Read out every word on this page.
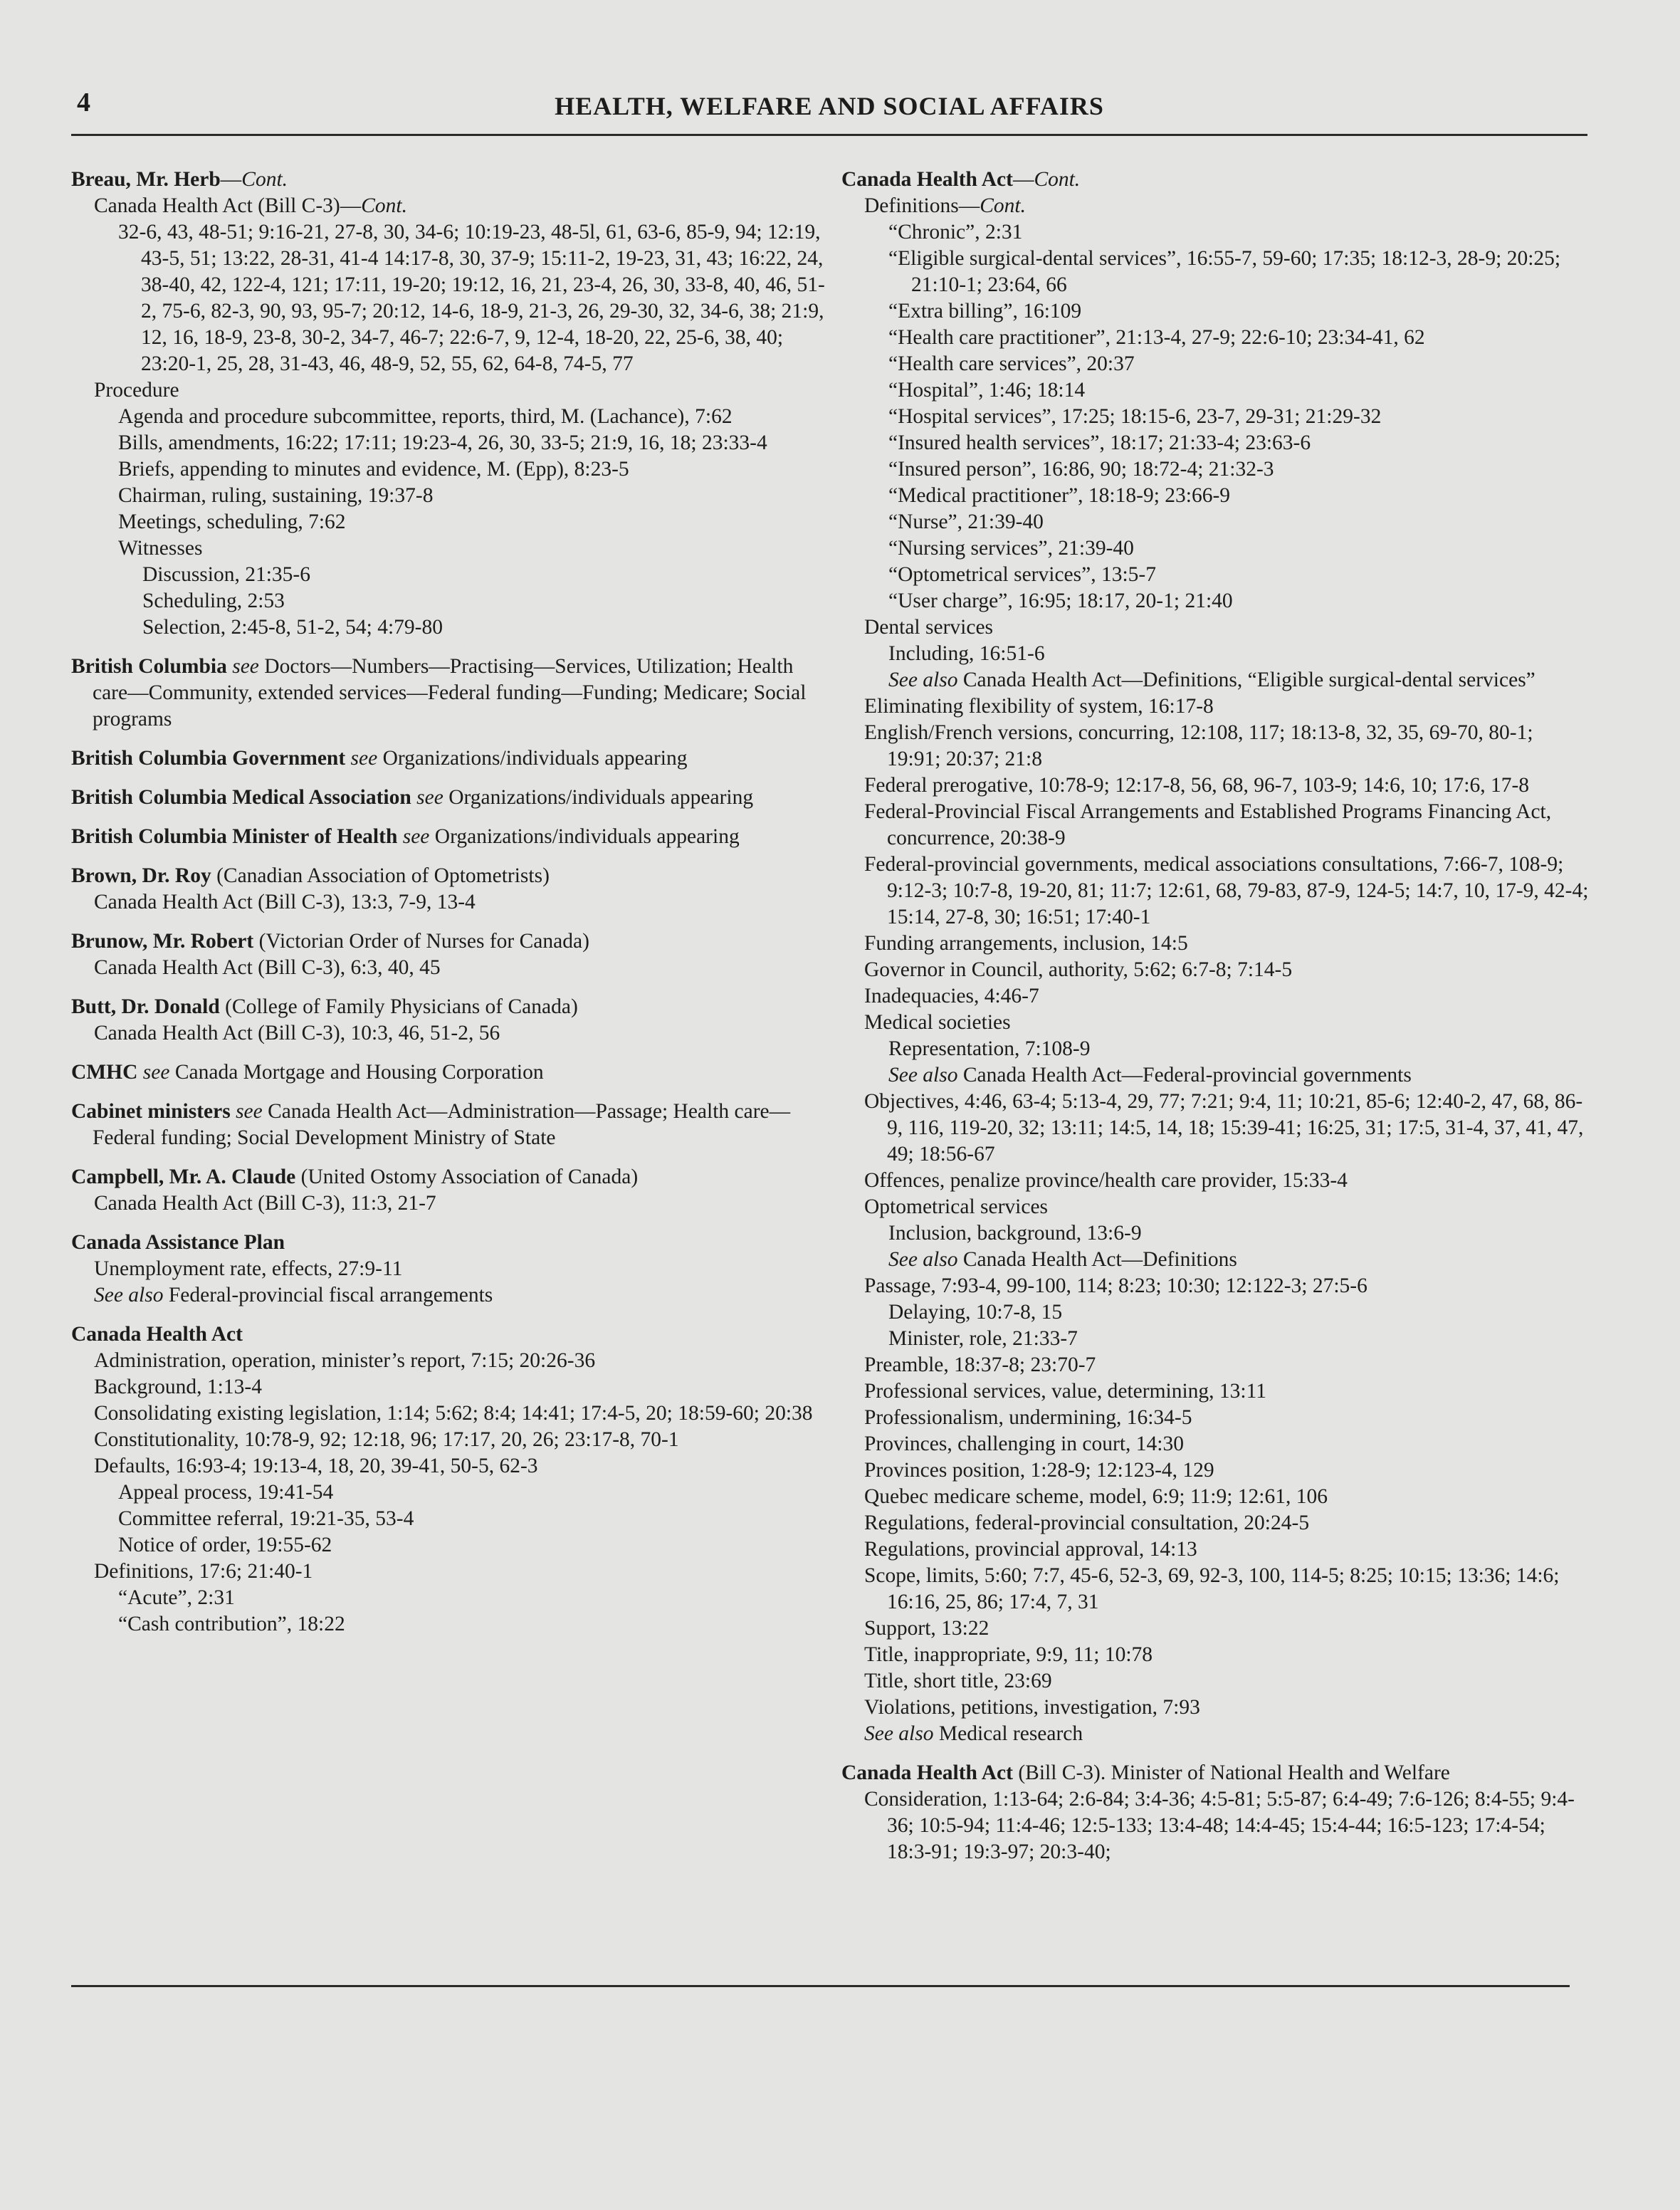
4	HEALTH, WELFARE AND SOCIAL AFFAIRS
Breau, Mr. Herb—Cont.
Canada Health Act (Bill C-3)—Cont.
32-6, 43, 48-51; 9:16-21, 27-8, 30, 34-6; 10:19-23, 48-5l, 61, 63-6, 85-9, 94; 12:19, 43-5, 51; 13:22, 28-31, 41-4 14:17-8, 30, 37-9; 15:11-2, 19-23, 31, 43; 16:22, 24, 38-40, 42, 122-4, 121; 17:11, 19-20; 19:12, 16, 21, 23-4, 26, 30, 33-8, 40, 46, 51-2, 75-6, 82-3, 90, 93, 95-7; 20:12, 14-6, 18-9, 21-3, 26, 29-30, 32, 34-6, 38; 21:9, 12, 16, 18-9, 23-8, 30-2, 34-7, 46-7; 22:6-7, 9, 12-4, 18-20, 22, 25-6, 38, 40; 23:20-1, 25, 28, 31-43, 46, 48-9, 52, 55, 62, 64-8, 74-5, 77
Procedure
Agenda and procedure subcommittee, reports, third, M. (Lachance), 7:62
Bills, amendments, 16:22; 17:11; 19:23-4, 26, 30, 33-5; 21:9, 16, 18; 23:33-4
Briefs, appending to minutes and evidence, M. (Epp), 8:23-5
Chairman, ruling, sustaining, 19:37-8
Meetings, scheduling, 7:62
Witnesses
Discussion, 21:35-6
Scheduling, 2:53
Selection, 2:45-8, 51-2, 54; 4:79-80
British Columbia see Doctors—Numbers—Practising—Services, Utilization; Health care—Community, extended services—Federal funding—Funding; Medicare; Social programs
British Columbia Government see Organizations/individuals appearing
British Columbia Medical Association see Organizations/individuals appearing
British Columbia Minister of Health see Organizations/individuals appearing
Brown, Dr. Roy (Canadian Association of Optometrists)
Canada Health Act (Bill C-3), 13:3, 7-9, 13-4
Brunow, Mr. Robert (Victorian Order of Nurses for Canada)
Canada Health Act (Bill C-3), 6:3, 40, 45
Butt, Dr. Donald (College of Family Physicians of Canada)
Canada Health Act (Bill C-3), 10:3, 46, 51-2, 56
CMHC see Canada Mortgage and Housing Corporation
Cabinet ministers see Canada Health Act—Administration—Passage; Health care—Federal funding; Social Development Ministry of State
Campbell, Mr. A. Claude (United Ostomy Association of Canada)
Canada Health Act (Bill C-3), 11:3, 21-7
Canada Assistance Plan
Unemployment rate, effects, 27:9-11
See also Federal-provincial fiscal arrangements
Canada Health Act
Administration, operation, minister’s report, 7:15; 20:26-36
Background, 1:13-4
Consolidating existing legislation, 1:14; 5:62; 8:4; 14:41; 17:4-5, 20; 18:59-60; 20:38
Constitutionality, 10:78-9, 92; 12:18, 96; 17:17, 20, 26; 23:17-8, 70-1
Defaults, 16:93-4; 19:13-4, 18, 20, 39-41, 50-5, 62-3
Appeal process, 19:41-54
Committee referral, 19:21-35, 53-4
Notice of order, 19:55-62
Definitions, 17:6; 21:40-1
“Acute”, 2:31
“Cash contribution”, 18:22
Canada Health Act—Cont.
Definitions—Cont.
“Chronic”, 2:31
“Eligible surgical-dental services”, 16:55-7, 59-60; 17:35; 18:12-3, 28-9; 20:25; 21:10-1; 23:64, 66
“Extra billing”, 16:109
“Health care practitioner”, 21:13-4, 27-9; 22:6-10; 23:34-41, 62
“Health care services”, 20:37
“Hospital”, 1:46; 18:14
“Hospital services”, 17:25; 18:15-6, 23-7, 29-31; 21:29-32
“Insured health services”, 18:17; 21:33-4; 23:63-6
“Insured person”, 16:86, 90; 18:72-4; 21:32-3
“Medical practitioner”, 18:18-9; 23:66-9
“Nurse”, 21:39-40
“Nursing services”, 21:39-40
“Optometrical services”, 13:5-7
“User charge”, 16:95; 18:17, 20-1; 21:40
Dental services
Including, 16:51-6
See also Canada Health Act—Definitions, “Eligible surgical-dental services”
Eliminating flexibility of system, 16:17-8
English/French versions, concurring, 12:108, 117; 18:13-8, 32, 35, 69-70, 80-1; 19:91; 20:37; 21:8
Federal prerogative, 10:78-9; 12:17-8, 56, 68, 96-7, 103-9; 14:6, 10; 17:6, 17-8
Federal-Provincial Fiscal Arrangements and Established Programs Financing Act, concurrence, 20:38-9
Federal-provincial governments, medical associations consultations, 7:66-7, 108-9; 9:12-3; 10:7-8, 19-20, 81; 11:7; 12:61, 68, 79-83, 87-9, 124-5; 14:7, 10, 17-9, 42-4; 15:14, 27-8, 30; 16:51; 17:40-1
Funding arrangements, inclusion, 14:5
Governor in Council, authority, 5:62; 6:7-8; 7:14-5
Inadequacies, 4:46-7
Medical societies
Representation, 7:108-9
See also Canada Health Act—Federal-provincial governments
Objectives, 4:46, 63-4; 5:13-4, 29, 77; 7:21; 9:4, 11; 10:21, 85-6; 12:40-2, 47, 68, 86-9, 116, 119-20, 32; 13:11; 14:5, 14, 18; 15:39-41; 16:25, 31; 17:5, 31-4, 37, 41, 47, 49; 18:56-67
Offences, penalize province/health care provider, 15:33-4
Optometrical services
Inclusion, background, 13:6-9
See also Canada Health Act—Definitions
Passage, 7:93-4, 99-100, 114; 8:23; 10:30; 12:122-3; 27:5-6
Delaying, 10:7-8, 15
Minister, role, 21:33-7
Preamble, 18:37-8; 23:70-7
Professional services, value, determining, 13:11
Professionalism, undermining, 16:34-5
Provinces, challenging in court, 14:30
Provinces position, 1:28-9; 12:123-4, 129
Quebec medicare scheme, model, 6:9; 11:9; 12:61, 106
Regulations, federal-provincial consultation, 20:24-5
Regulations, provincial approval, 14:13
Scope, limits, 5:60; 7:7, 45-6, 52-3, 69, 92-3, 100, 114-5; 8:25; 10:15; 13:36; 14:6; 16:16, 25, 86; 17:4, 7, 31
Support, 13:22
Title, inappropriate, 9:9, 11; 10:78
Title, short title, 23:69
Violations, petitions, investigation, 7:93
See also Medical research
Canada Health Act (Bill C-3). Minister of National Health and Welfare
Consideration, 1:13-64; 2:6-84; 3:4-36; 4:5-81; 5:5-87; 6:4-49; 7:6-126; 8:4-55; 9:4-36; 10:5-94; 11:4-46; 12:5-133; 13:4-48; 14:4-45; 15:4-44; 16:5-123; 17:4-54; 18:3-91; 19:3-97; 20:3-40;
